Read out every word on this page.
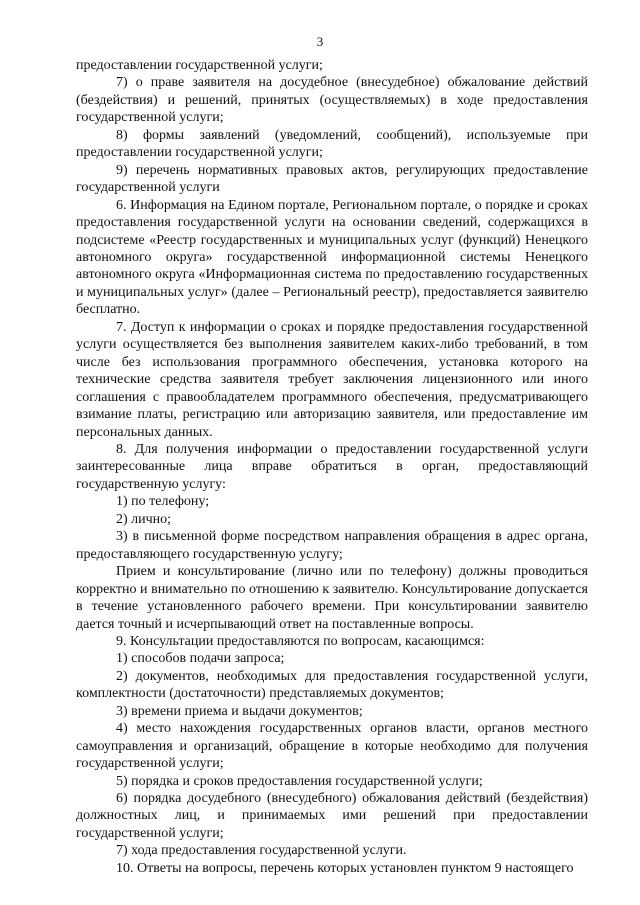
3

предоставлении государственной услуги;

7) о праве заявителя на досудебное (внесудебное) обжалование действий (бездействия) и решений, принятых (осуществляемых) в ходе предоставления государственной услуги;

8) формы заявлений (уведомлений, сообщений), используемые при предоставлении государственной услуги;

9) перечень нормативных правовых актов, регулирующих предоставление государственной услуги

6. Информация на Едином портале, Региональном портале, о порядке и сроках предоставления государственной услуги на основании сведений, содержащихся в подсистеме «Реестр государственных и муниципальных услуг (функций) Ненецкого автономного округа» государственной информационной системы Ненецкого автономного округа «Информационная система по предоставлению государственных и муниципальных услуг» (далее – Региональный реестр), предоставляется заявителю бесплатно.

7. Доступ к информации о сроках и порядке предоставления государственной услуги осуществляется без выполнения заявителем каких-либо требований, в том числе без использования программного обеспечения, установка которого на технические средства заявителя требует заключения лицензионного или иного соглашения с правообладателем программного обеспечения, предусматривающего взимание платы, регистрацию или авторизацию заявителя, или предоставление им персональных данных.

8. Для получения информации о предоставлении государственной услуги заинтересованные лица вправе обратиться в орган, предоставляющий государственную услугу:

1) по телефону;

2) лично;

3) в письменной форме посредством направления обращения в адрес органа, предоставляющего государственную услугу;

Прием и консультирование (лично или по телефону) должны проводиться корректно и внимательно по отношению к заявителю. Консультирование допускается в течение установленного рабочего времени. При консультировании заявителю дается точный и исчерпывающий ответ на поставленные вопросы.

9. Консультации предоставляются по вопросам, касающимся:

1) способов подачи запроса;

2) документов, необходимых для предоставления государственной услуги, комплектности (достаточности) представляемых документов;

3) времени приема и выдачи документов;

4) место нахождения государственных органов власти, органов местного самоуправления и организаций, обращение в которые необходимо для получения государственной услуги;

5) порядка и сроков предоставления государственной услуги;

6) порядка досудебного (внесудебного) обжалования действий (бездействия) должностных лиц, и принимаемых ими решений при предоставлении государственной услуги;

7) хода предоставления государственной услуги.

10. Ответы на вопросы, перечень которых установлен пунктом 9 настоящего
